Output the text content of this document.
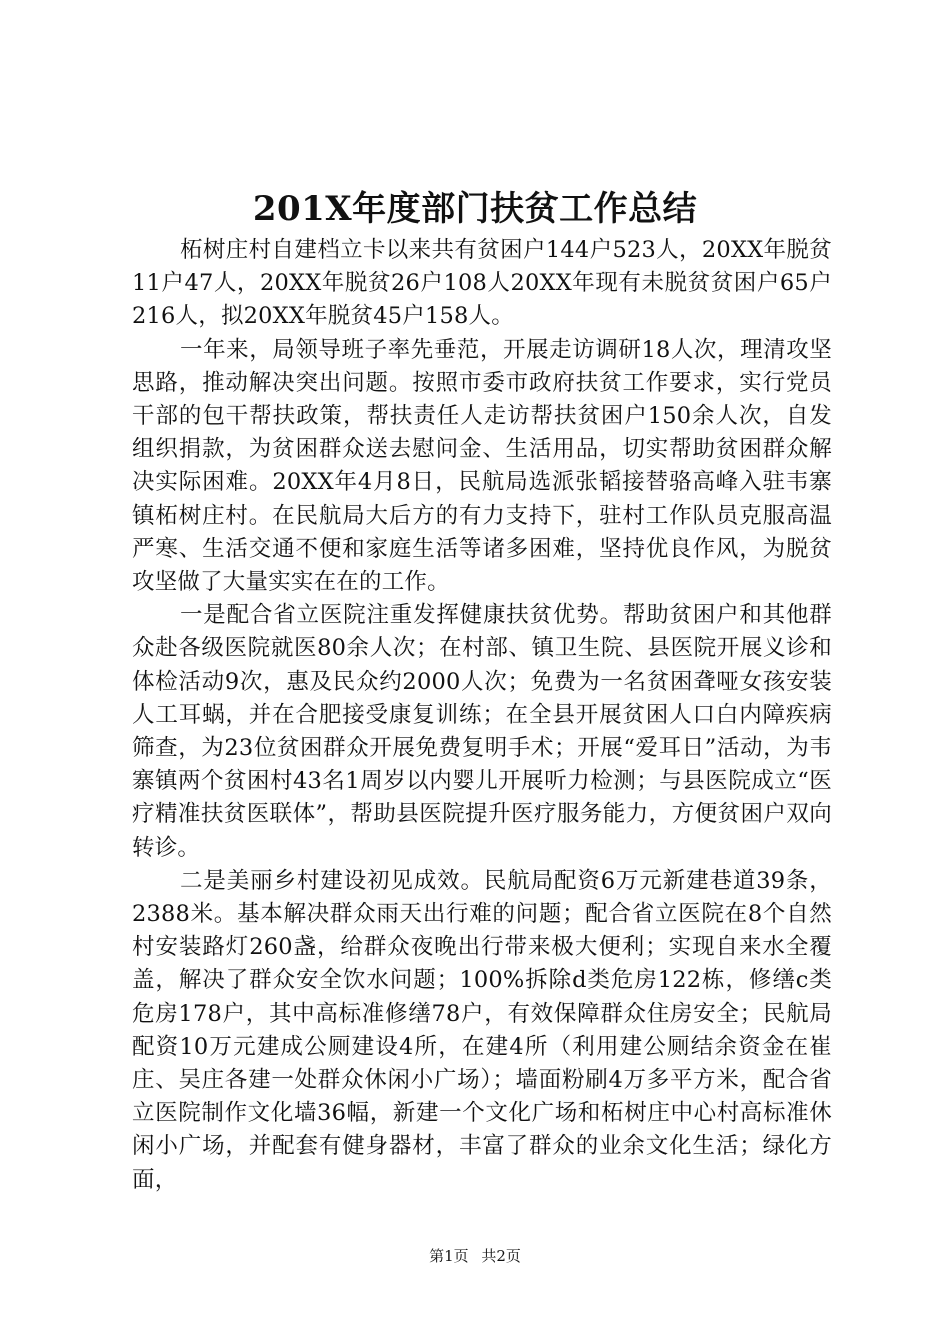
201X年度部门扶贫工作总结

柘树庄村自建档立卡以来共有贫困户144户523人，20XX年脱贫11户47人，20XX年脱贫26户108人20XX年现有未脱贫贫困户65户216人，拟20XX年脱贫45户158人。

一年来，局领导班子率先垂范，开展走访调研18人次，理清攻坚思路，推动解决突出问题。按照市委市政府扶贫工作要求，实行党员干部的包干帮扶政策，帮扶责任人走访帮扶贫困户150余人次，自发组织捐款，为贫困群众送去慰问金、生活用品，切实帮助贫困群众解决实际困难。20XX年4月8日，民航局选派张韬接替骆高峰入驻韦寨镇柘树庄村。在民航局大后方的有力支持下，驻村工作队员克服高温严寒、生活交通不便和家庭生活等诸多困难，坚持优良作风，为脱贫攻坚做了大量实实在在的工作。

一是配合省立医院注重发挥健康扶贫优势。帮助贫困户和其他群众赴各级医院就医80余人次；在村部、镇卫生院、县医院开展义诊和体检活动9次，惠及民众约2000人次；免费为一名贫困聋哑女孩安装人工耳蜗，并在合肥接受康复训练；在全县开展贫困人口白内障疾病筛查，为23位贫困群众开展免费复明手术；开展“爱耳日”活动，为韦寨镇两个贫困村43名1周岁以内婴儿开展听力检测；与县医院成立“医疗精准扶贫医联体”，帮助县医院提升医疗服务能力，方便贫困户双向转诊。

二是美丽乡村建设初见成效。民航局配资6万元新建巷道39条，2388米。基本解决群众雨天出行难的问题；配合省立医院在8个自然村安装路灯260盏，给群众夜晚出行带来极大便利；实现自来水全覆盖，解决了群众安全饮水问题；100%拆除d类危房122栋，修缮c类危房178户，其中高标准修缮78户，有效保障群众住房安全；民航局配资10万元建成公厕建设4所，在建4所（利用建公厕结余资金在崔庄、吴庄各建一处群众休闲小广场）；墙面粉刷4万多平方米，配合省立医院制作文化墙36幅，新建一个文化广场和柘树庄中心村高标准休闲小广场，并配套有健身器材，丰富了群众的业余文化生活；绿化方面，

第1页 共2页
